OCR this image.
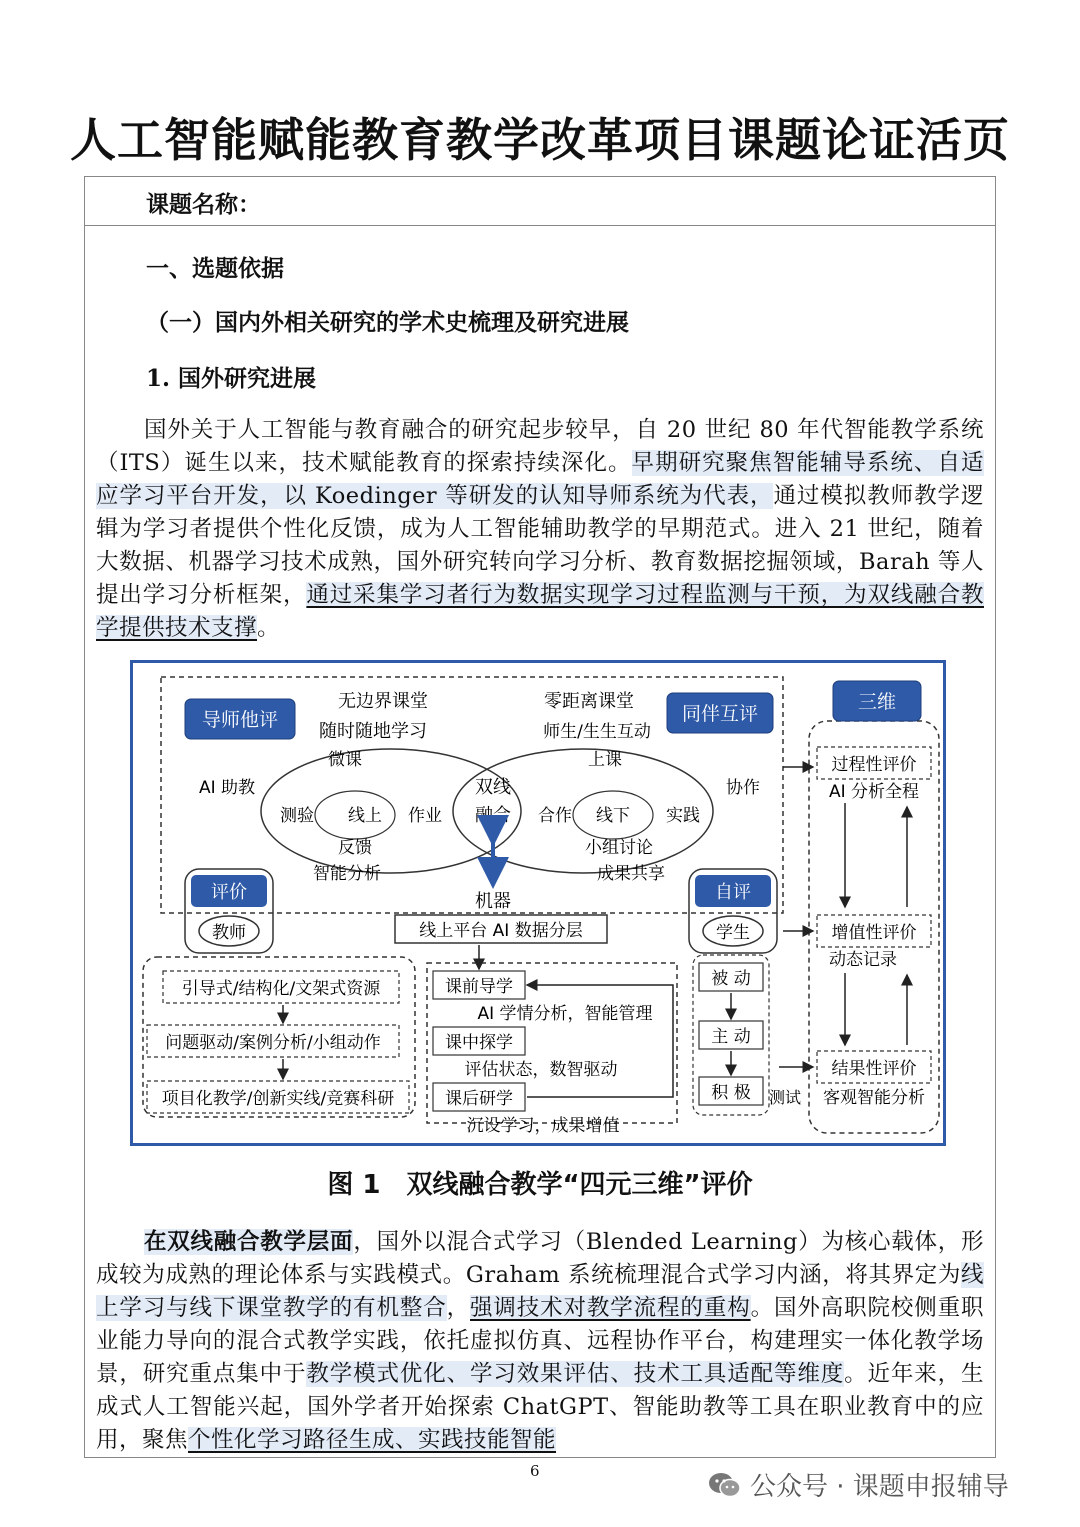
人工智能赋能教育教学改革项目课题论证活页
课题名称：
一、选题依据
（一）国内外相关研究的学术史梳理及研究进展
1. 国外研究进展
国外关于人工智能与教育融合的研究起步较早，自 20 世纪 80 年代智能教学系统（ITS）诞生以来，技术赋能教育的探索持续深化。早期研究聚焦智能辅导系统、自适应学习平台开发，以 Koedinger 等研发的认知导师系统为代表，通过模拟教师教学逻辑为学习者提供个性化反馈，成为人工智能辅助教学的早期范式。进入 21 世纪，随着大数据、机器学习技术成熟，国外研究转向学习分析、教育数据挖掘领域，Barah 等人提出学习分析框架，通过采集学习者行为数据实现学习过程监测与干预，为双线融合教学提供技术支撑。
导师他评	同伴互评
三维
评价
教师
自评
学生
无边界课堂
随时随地学习
微课
AI 助教
测验 线上 作业
反馈
智能分析
零距离课堂
师生/生生互动
上课
协作
合作 线下 实践
小组讨论
成果共享
双线
融合
机器
线上平台 AI 数据分层
过程性评价
AI 分析全程
增值性评价
动态记录
结果性评价
客观智能分析
测试
引导式/结构化/文架式资源
问题驱动/案例分析/小组动作
项目化教学/创新实线/竞赛科研
课前导学
AI 学情分析，智能管理
课中探学
评估状态，数智驱动
课后研学
沉设学习，成果增值
被 动
主 动
积 极
图 1　双线融合教学“四元三维”评价
在双线融合教学层面，国外以混合式学习（Blended Learning）为核心载体，形成较为成熟的理论体系与实践模式。Graham 系统梳理混合式学习内涵，将其界定为线上学习与线下课堂教学的有机整合，强调技术对教学流程的重构。国外高职院校侧重职业能力导向的混合式教学实践，依托虚拟仿真、远程协作平台，构建理实一体化教学场景，研究重点集中于教学模式优化、学习效果评估、技术工具适配等维度。近年来，生成式人工智能兴起，国外学者开始探索 ChatGPT、智能助教等工具在职业教育中的应用，聚焦个性化学习路径生成、实践技能智能
6
公众号 · 课题申报辅导
